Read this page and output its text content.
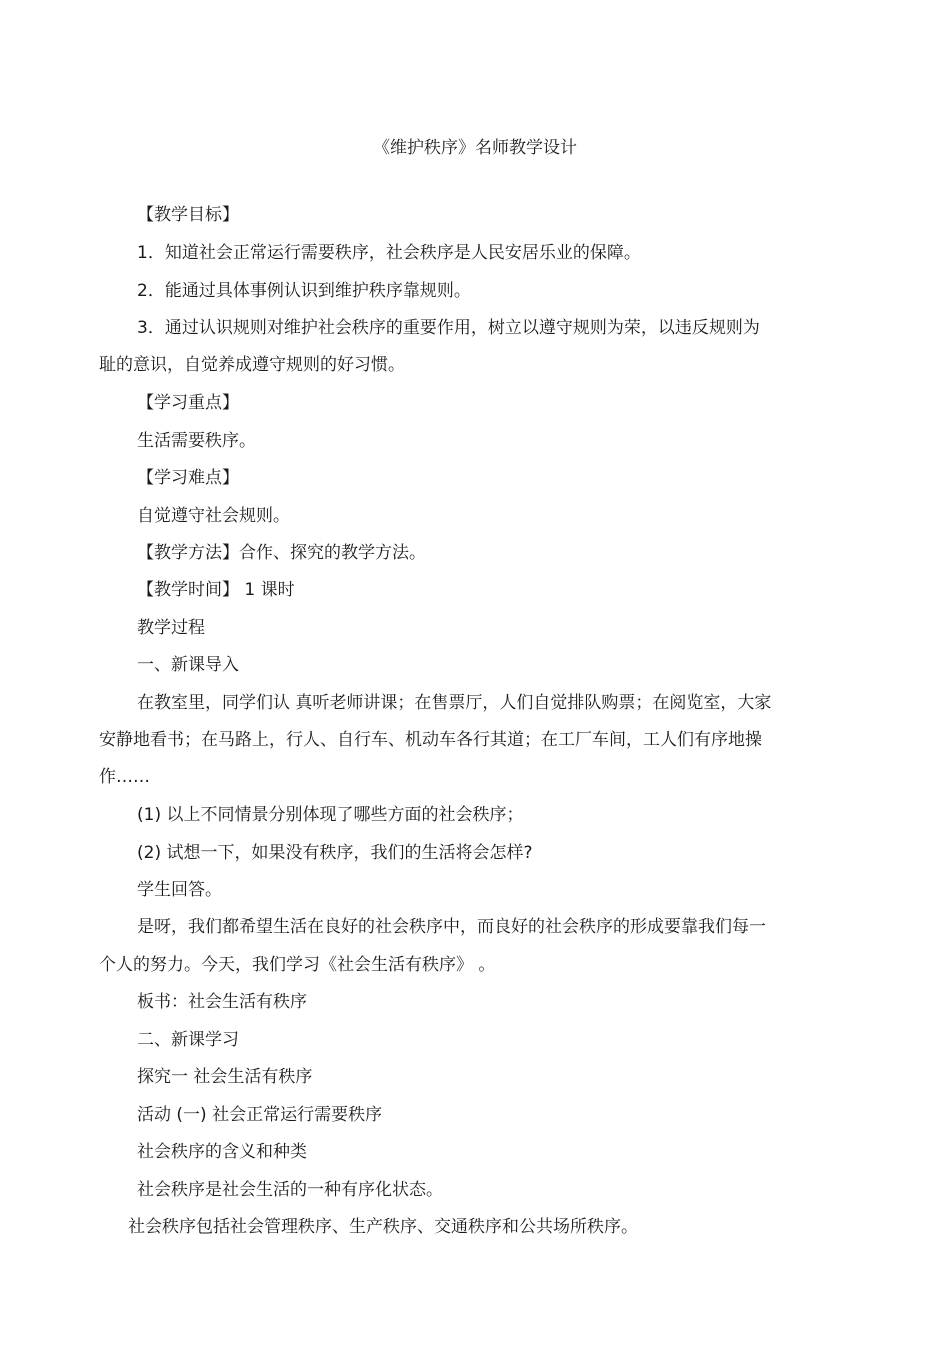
《维护秩序》名师教学设计
【教学目标】
1．知道社会正常运行需要秩序，社会秩序是人民安居乐业的保障。
2．能通过具体事例认识到维护秩序靠规则。
3．通过认识规则对维护社会秩序的重要作用，树立以遵守规则为荣，以违反规则为
耻的意识，自觉养成遵守规则的好习惯。
【学习重点】
生活需要秩序。
【学习难点】
自觉遵守社会规则。
【教学方法】合作、探究的教学方法。
【教学时间】 1 课时
教学过程
一、新课导入
在教室里，同学们认 真听老师讲课；在售票厅，人们自觉排队购票；在阅览室，大家
安静地看书；在马路上，行人、自行车、机动车各行其道；在工厂车间，工人们有序地操
作……
(1) 以上不同情景分别体现了哪些方面的社会秩序；
(2) 试想一下，如果没有秩序，我们的生活将会怎样?
学生回答。
是呀，我们都希望生活在良好的社会秩序中，而良好的社会秩序的形成要靠我们每一
个人的努力。今天，我们学习《社会生活有秩序》 。
板书：社会生活有秩序
二、新课学习
探究一 社会生活有秩序
活动 (一) 社会正常运行需要秩序
社会秩序的含义和种类
社会秩序是社会生活的一种有序化状态。
社会秩序包括社会管理秩序、生产秩序、交通秩序和公共场所秩序。
